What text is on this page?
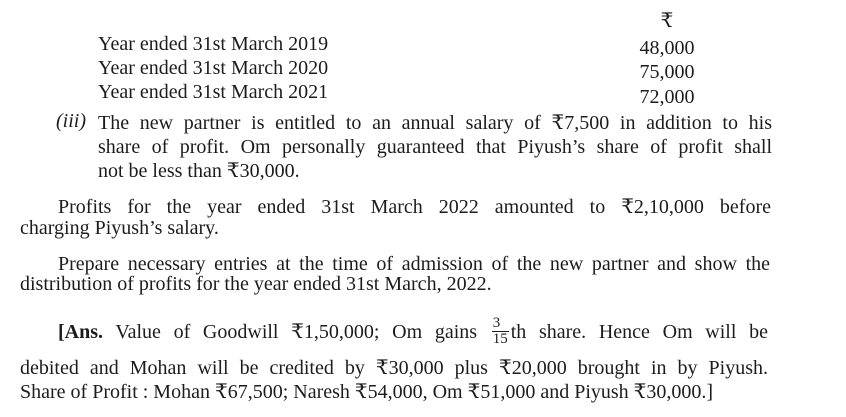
₹
Year ended 31st March 2019	48,000
Year ended 31st March 2020	75,000
Year ended 31st March 2021	72,000
(iii) The new partner is entitled to an annual salary of ₹7,500 in addition to his
share of profit. Om personally guaranteed that Piyush’s share of profit shall
not be less than ₹30,000.
Profits for the year ended 31st March 2022 amounted to ₹2,10,000 before
charging Piyush’s salary.
Prepare necessary entries at the time of admission of the new partner and show the
distribution of profits for the year ended 31st March, 2022.
[Ans. Value of Goodwill ₹1,50,000; Om gains $\frac{3}{15}$ th share. Hence Om will be
debited and Mohan will be credited by ₹30,000 plus ₹20,000 brought in by Piyush.
Share of Profit : Mohan ₹67,500; Naresh ₹54,000, Om ₹51,000 and Piyush ₹30,000.]
